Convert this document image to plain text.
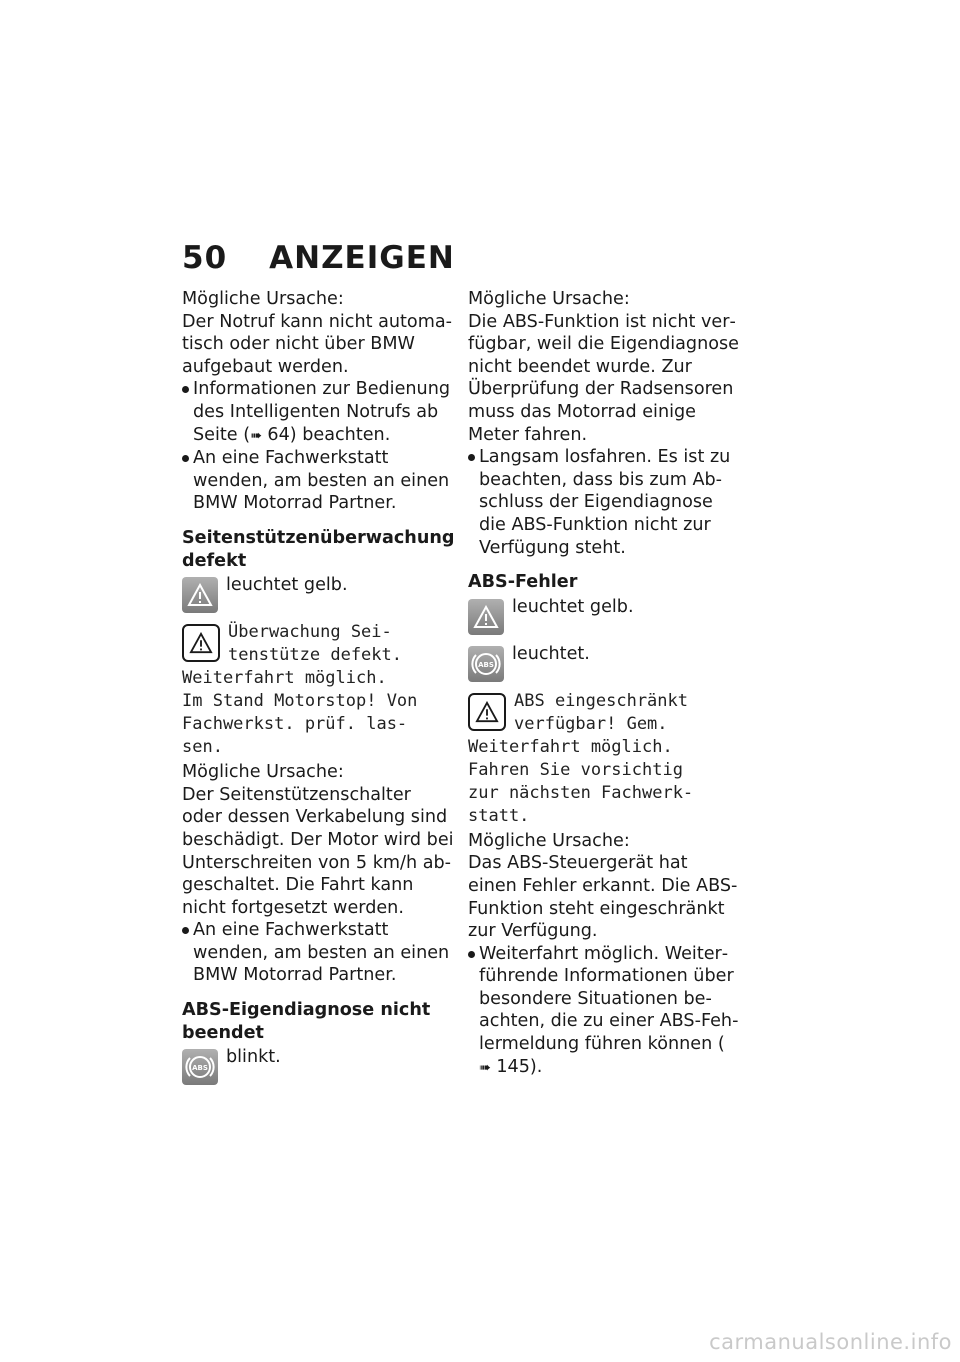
50 ANZEIGEN

Mögliche Ursache:

Der Notruf kann nicht automatisch oder nicht über BMW aufgebaut werden.

Informationen zur Bedienung des Intelligenten Notrufs ab Seite (➠ 64) beachten.

An eine Fachwerkstatt wenden, am besten an einen BMW Motorrad Partner.

Seitenstützenüberwachung defekt

leuchtet gelb.

Überwachung Sei-

tenstütze defekt.

Weiterfahrt möglich.
Im Stand Motorstop! Von
Fachwerkst. prüf. las-
sen.

Mögliche Ursache:

Der Seitenstützenschalter oder dessen Verkabelung sind beschädigt. Der Motor wird bei Unterschreiten von 5 km/h abgeschaltet. Die Fahrt kann nicht fortgesetzt werden.

An eine Fachwerkstatt wenden, am besten an einen BMW Motorrad Partner.

ABS-Eigendiagnose nicht beendet

ABS
blinkt.

Mögliche Ursache:

Die ABS-Funktion ist nicht verfügbar, weil die Eigendiagnose nicht beendet wurde. Zur Überprüfung der Radsensoren muss das Motorrad einige Meter fahren.

Langsam losfahren. Es ist zu beachten, dass bis zum Abschluss der Eigendiagnose die ABS-Funktion nicht zur Verfügung steht.

ABS-Fehler

leuchtet gelb.
ABS
leuchtet.

ABS eingeschränkt

verfügbar! Gem.

Weiterfahrt möglich.
Fahren Sie vorsichtig
zur nächsten Fachwerk-
statt.

Mögliche Ursache:

Das ABS-Steuergerät hat einen Fehler erkannt. Die ABS-Funktion steht eingeschränkt zur Verfügung.

Weiterfahrt möglich. Weiterführende Informationen über besondere Situationen beachten, die zu einer ABS-Fehlermeldung führen können (➠ 145).

carmanualsonline.info
